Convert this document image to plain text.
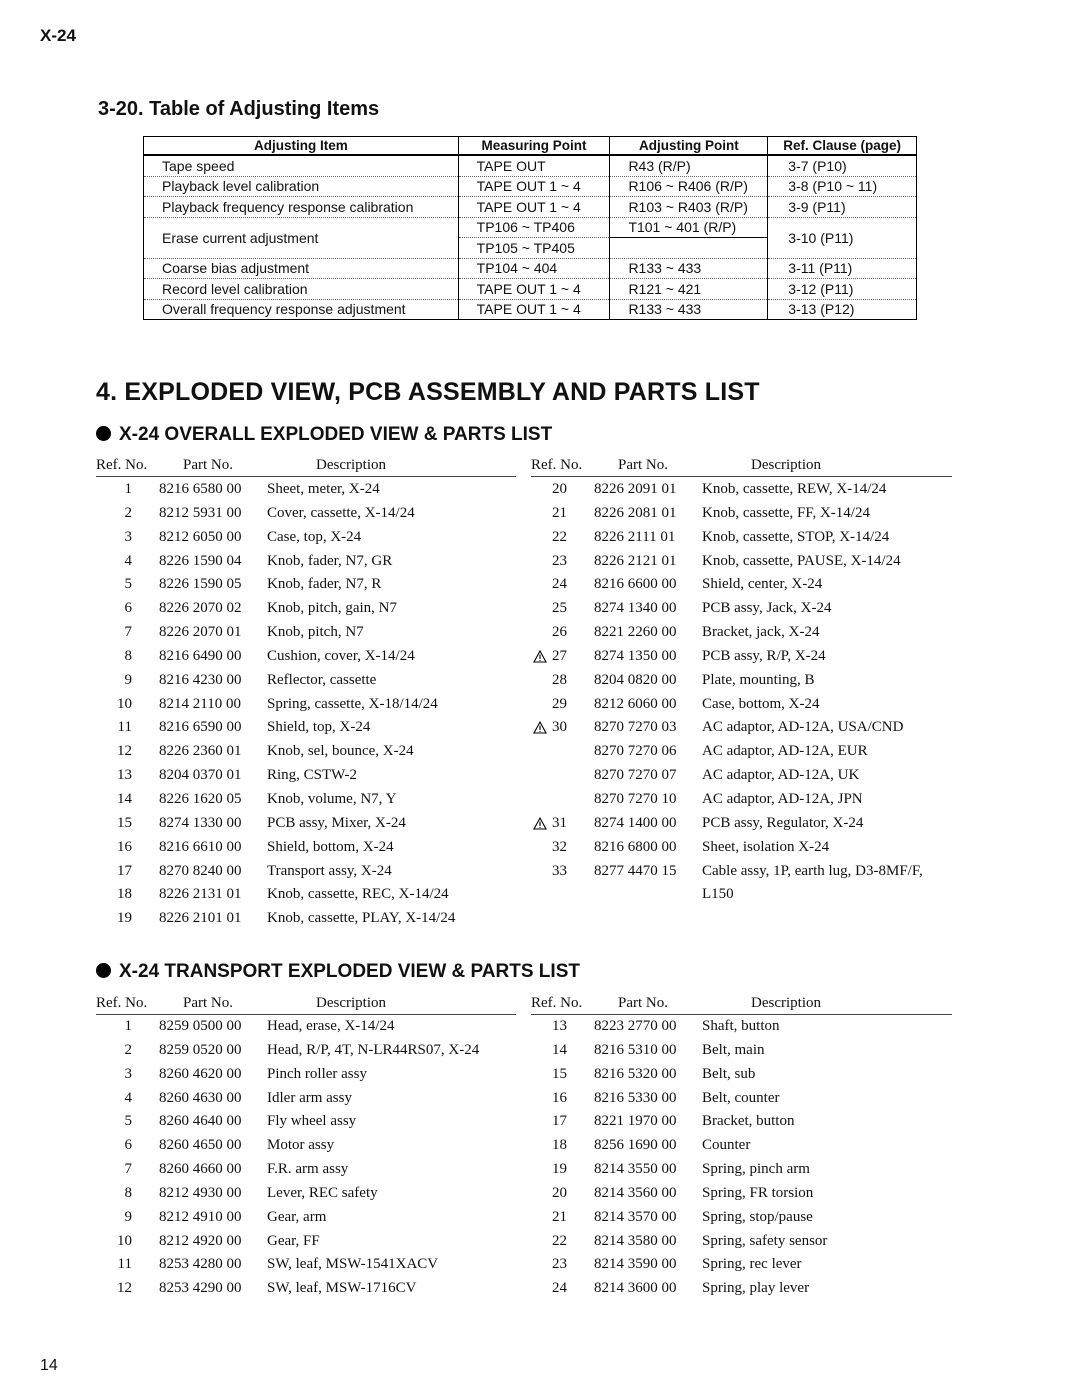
X-24
3-20. Table of Adjusting Items
Adjusting Item	Measuring Point	Adjusting Point	Ref. Clause (page)
Tape speed	TAPE OUT	R43 (R/P)	3-7 (P10)
Playback level calibration	TAPE OUT 1 ~ 4	R106 ~ R406 (R/P)	3-8 (P10 ~ 11)
Playback frequency response calibration	TAPE OUT 1 ~ 4	R103 ~ R403 (R/P)	3-9 (P11)
Erase current adjustment	TP106 ~ TP406	T101 ~ 401 (R/P)	3-10 (P11)
	TP105 ~ TP405		
Coarse bias adjustment	TP104 ~ 404	R133 ~ 433	3-11 (P11)
Record level calibration	TAPE OUT 1 ~ 4	R121 ~ 421	3-12 (P11)
Overall frequency response adjustment	TAPE OUT 1 ~ 4	R133 ~ 433	3-13 (P12)
4. EXPLODED VIEW, PCB ASSEMBLY AND PARTS LIST
X-24 OVERALL EXPLODED VIEW & PARTS LIST
Ref. No. Part No.	Description	Ref. No. Part No.	Description
1 8216 6580 00 Sheet, meter, X-24
2 8212 5931 00 Cover, cassette, X-14/24
3 8212 6050 00 Case, top, X-24
4 8226 1590 04 Knob, fader, N7, GR
5 8226 1590 05 Knob, fader, N7, R
6 8226 2070 02 Knob, pitch, gain, N7
7 8226 2070 01 Knob, pitch, N7
8 8216 6490 00 Cushion, cover, X-14/24
9 8216 4230 00 Reflector, cassette
10 8214 2110 00 Spring, cassette, X-18/14/24
11 8216 6590 00 Shield, top, X-24
12 8226 2360 01 Knob, sel, bounce, X-24
13 8204 0370 01 Ring, CSTW-2
14 8226 1620 05 Knob, volume, N7, Y
15 8274 1330 00 PCB assy, Mixer, X-24
16 8216 6610 00 Shield, bottom, X-24
17 8270 8240 00 Transport assy, X-24
18 8226 2131 01 Knob, cassette, REC, X-14/24
19 8226 2101 01 Knob, cassette, PLAY, X-14/24
20 8226 2091 01 Knob, cassette, REW, X-14/24
21 8226 2081 01 Knob, cassette, FF, X-14/24
22 8226 2111 01 Knob, cassette, STOP, X-14/24
23 8226 2121 01 Knob, cassette, PAUSE, X-14/24
24 8216 6600 00 Shield, center, X-24
25 8274 1340 00 PCB assy, Jack, X-24
26 8221 2260 00 Bracket, jack, X-24
27 8274 1350 00 PCB assy, R/P, X-24
28 8204 0820 00 Plate, mounting, B
29 8212 6060 00 Case, bottom, X-24
30 8270 7270 03 AC adaptor, AD-12A, USA/CND
8270 7270 06 AC adaptor, AD-12A, EUR
8270 7270 07 AC adaptor, AD-12A, UK
8270 7270 10 AC adaptor, AD-12A, JPN
31 8274 1400 00 PCB assy, Regulator, X-24
32 8216 6800 00 Sheet, isolation X-24
33 8277 4470 15 Cable assy, 1P, earth lug, D3-8MF/F,
L150
X-24 TRANSPORT EXPLODED VIEW & PARTS LIST
Ref. No. Part No.	Description	Ref. No. Part No.	Description
1 8259 0500 00 Head, erase, X-14/24
2 8259 0520 00 Head, R/P, 4T, N-LR44RS07, X-24
3 8260 4620 00 Pinch roller assy
4 8260 4630 00 Idler arm assy
5 8260 4640 00 Fly wheel assy
6 8260 4650 00 Motor assy
7 8260 4660 00 F.R. arm assy
8 8212 4930 00 Lever, REC safety
9 8212 4910 00 Gear, arm
10 8212 4920 00 Gear, FF
11 8253 4280 00 SW, leaf, MSW-1541XACV
12 8253 4290 00 SW, leaf, MSW-1716CV
13 8223 2770 00 Shaft, button
14 8216 5310 00 Belt, main
15 8216 5320 00 Belt, sub
16 8216 5330 00 Belt, counter
17 8221 1970 00 Bracket, button
18 8256 1690 00 Counter
19 8214 3550 00 Spring, pinch arm
20 8214 3560 00 Spring, FR torsion
21 8214 3570 00 Spring, stop/pause
22 8214 3580 00 Spring, safety sensor
23 8214 3590 00 Spring, rec lever
24 8214 3600 00 Spring, play lever
14
